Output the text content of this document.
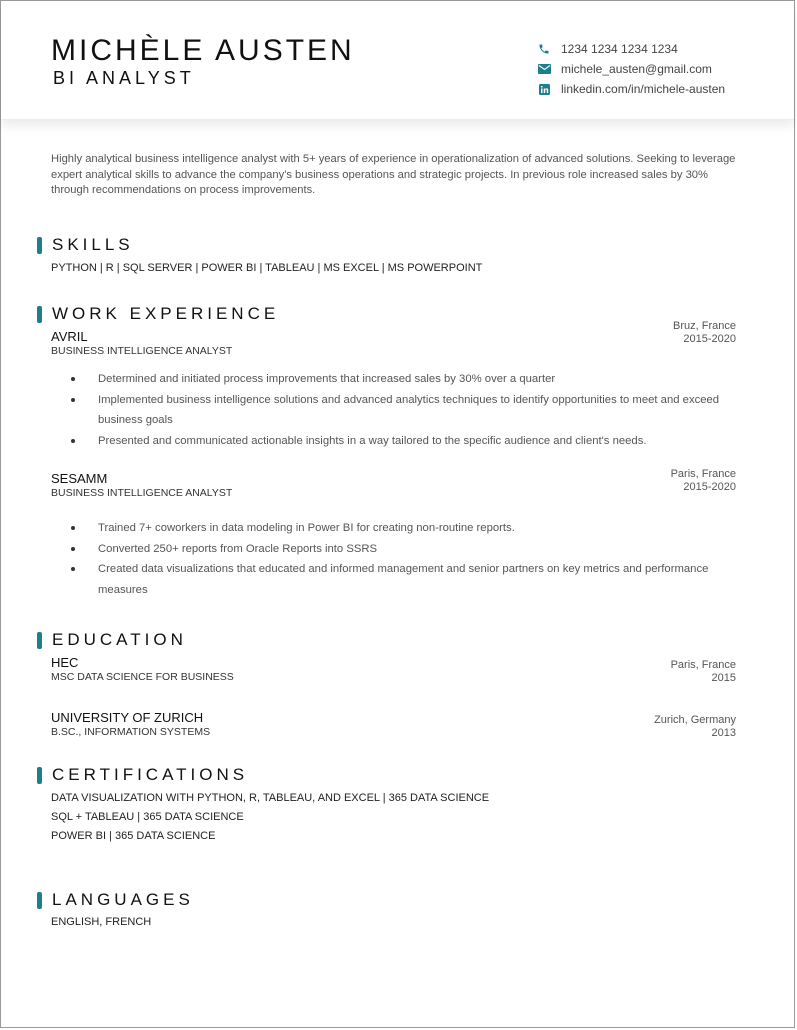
MICHÈLE AUSTEN
BI ANALYST
1234 1234 1234 1234
michele_austen@gmail.com
linkedin.com/in/michele-austen
Highly analytical business intelligence analyst with 5+ years of experience in operationalization of advanced solutions. Seeking to leverage expert analytical skills to advance the company's business operations and strategic projects. In previous role increased sales by 30% through recommendations on process improvements.
SKILLS
PYTHON | R | SQL SERVER | POWER BI | TABLEAU | MS EXCEL | MS POWERPOINT
WORK EXPERIENCE
AVRIL
BUSINESS INTELLIGENCE ANALYST
Bruz, France
2015-2020
Determined and initiated process improvements that increased sales by 30% over a quarter
Implemented business intelligence solutions and advanced analytics techniques to identify opportunities to meet and exceed business goals
Presented and communicated actionable insights in a way tailored to the specific audience and client's needs.
SESAMM
BUSINESS INTELLIGENCE ANALYST
Paris, France
2015-2020
Trained 7+ coworkers in data modeling in Power BI for creating non-routine reports.
Converted 250+ reports from Oracle Reports into SSRS
Created data visualizations that educated and informed management and senior partners on key metrics and performance measures
EDUCATION
HEC
MSC DATA SCIENCE FOR BUSINESS
Paris, France
2015
UNIVERSITY OF ZURICH
B.SC., INFORMATION SYSTEMS
Zurich, Germany
2013
CERTIFICATIONS
DATA VISUALIZATION WITH PYTHON, R, TABLEAU, AND EXCEL | 365 DATA SCIENCE
SQL + TABLEAU | 365 DATA SCIENCE
POWER BI | 365 DATA SCIENCE
LANGUAGES
ENGLISH, FRENCH
